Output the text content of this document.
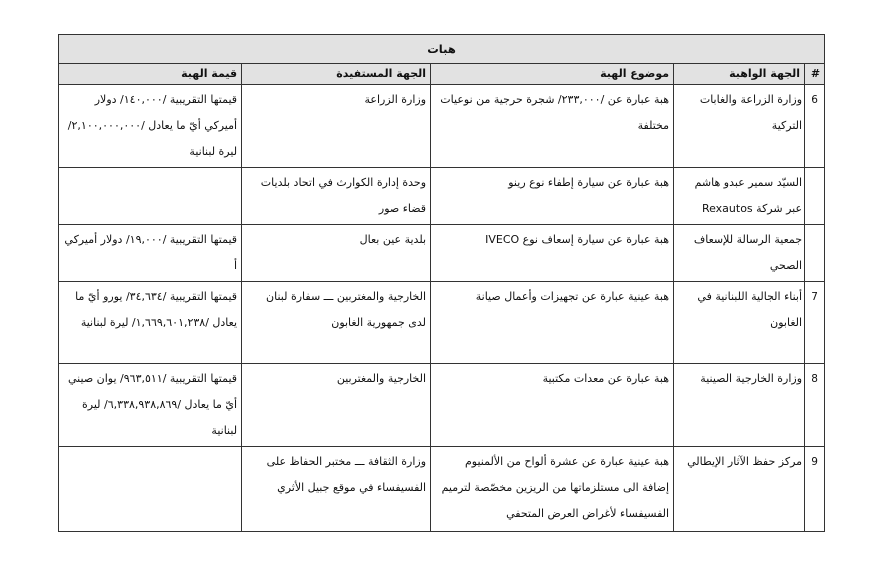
هبات				
#	الجهة الواهبة	موضوع الهبة	الجهة المستفيدة	قيمة الهبة
6	وزارة الزراعة والغابات التركية	هبة عبارة عن /٢٣٣,٠٠٠/ شجرة حرجية من نوعيات مختلفة	وزارة الزراعة	قيمتها التقريبية /١٤٠,٠٠٠/ دولار أميركي أيّ ما يعادل /٢,١٠٠,٠٠٠,٠٠٠/ ليرة لبنانية
	السيّد سمير عبدو هاشم عبر شركة Rexautos	هبة عبارة عن سيارة إطفاء نوع رينو	وحدة إدارة الكوارث في اتحاد بلديات قضاء صور	
	جمعية الرسالة للإسعاف الصحي	هبة عبارة عن سيارة إسعاف نوع IVECO	بلدية عين بعال	قيمتها التقريبية /١٩,٠٠٠/ دولار أميركي أ
7	أبناء الجالية اللبنانية في الغابون	هبة عينية عبارة عن تجهيزات وأعمال صيانة	الخارجية والمغتربين ـــ سفارة لبنان لدى جمهورية الغابون	قيمتها التقريبية /٣٤,٦٣٤/ يورو أيّ ما يعادل /١,٦٦٩,٦٠١,٢٣٨/ ليرة لبنانية
8	وزارة الخارجية الصينية	هبة عبارة عن معدات مكتبية	الخارجية والمغتربين	قيمتها التقريبية /٩٦٣,٥١١/ يوان صيني أيّ ما يعادل /٦,٣٣٨,٩٣٨,٨٦٩/ ليرة لبنانية
9	مركز حفظ الآثار الإيطالي	هبة عينية عبارة عن عشرة ألواح من الألمنيوم إضافة الى مستلزماتها من الريزين مخصّصة لترميم الفسيفساء لأغراض العرض المتحفي	وزارة الثقافة ـــ مختبر الحفاظ على الفسيفساء في موقع جبيل الأثري	
